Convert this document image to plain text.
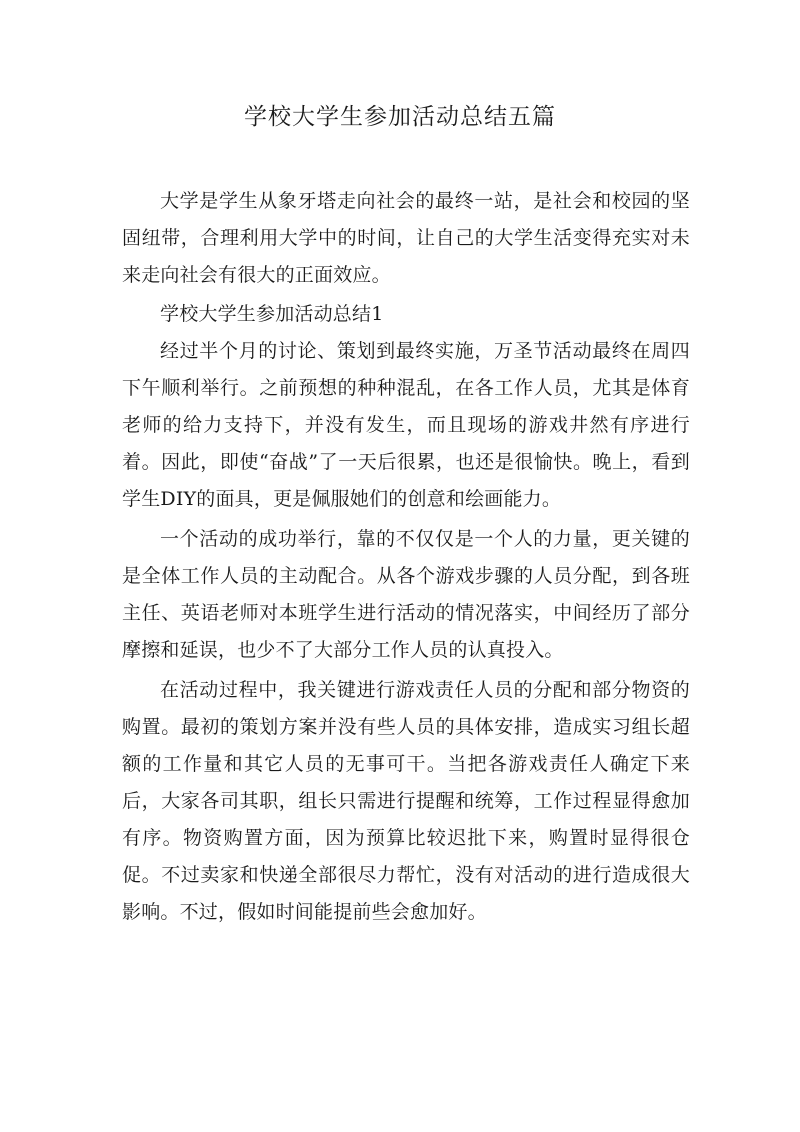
学校大学生参加活动总结五篇

大学是学生从象牙塔走向社会的最终一站，是社会和校园的坚固纽带，合理利用大学中的时间，让自己的大学生活变得充实对未来走向社会有很大的正面效应。

学校大学生参加活动总结1

经过半个月的讨论、策划到最终实施，万圣节活动最终在周四下午顺利举行。之前预想的种种混乱，在各工作人员，尤其是体育老师的给力支持下，并没有发生，而且现场的游戏井然有序进行着。因此，即使“奋战”了一天后很累，也还是很愉快。晚上，看到学生DIY的面具，更是佩服她们的创意和绘画能力。

一个活动的成功举行，靠的不仅仅是一个人的力量，更关键的是全体工作人员的主动配合。从各个游戏步骤的人员分配，到各班主任、英语老师对本班学生进行活动的情况落实，中间经历了部分摩擦和延误，也少不了大部分工作人员的认真投入。

在活动过程中，我关键进行游戏责任人员的分配和部分物资的购置。最初的策划方案并没有些人员的具体安排，造成实习组长超额的工作量和其它人员的无事可干。当把各游戏责任人确定下来后，大家各司其职，组长只需进行提醒和统筹，工作过程显得愈加有序。物资购置方面，因为预算比较迟批下来，购置时显得很仓促。不过卖家和快递全部很尽力帮忙，没有对活动的进行造成很大影响。不过，假如时间能提前些会愈加好。
